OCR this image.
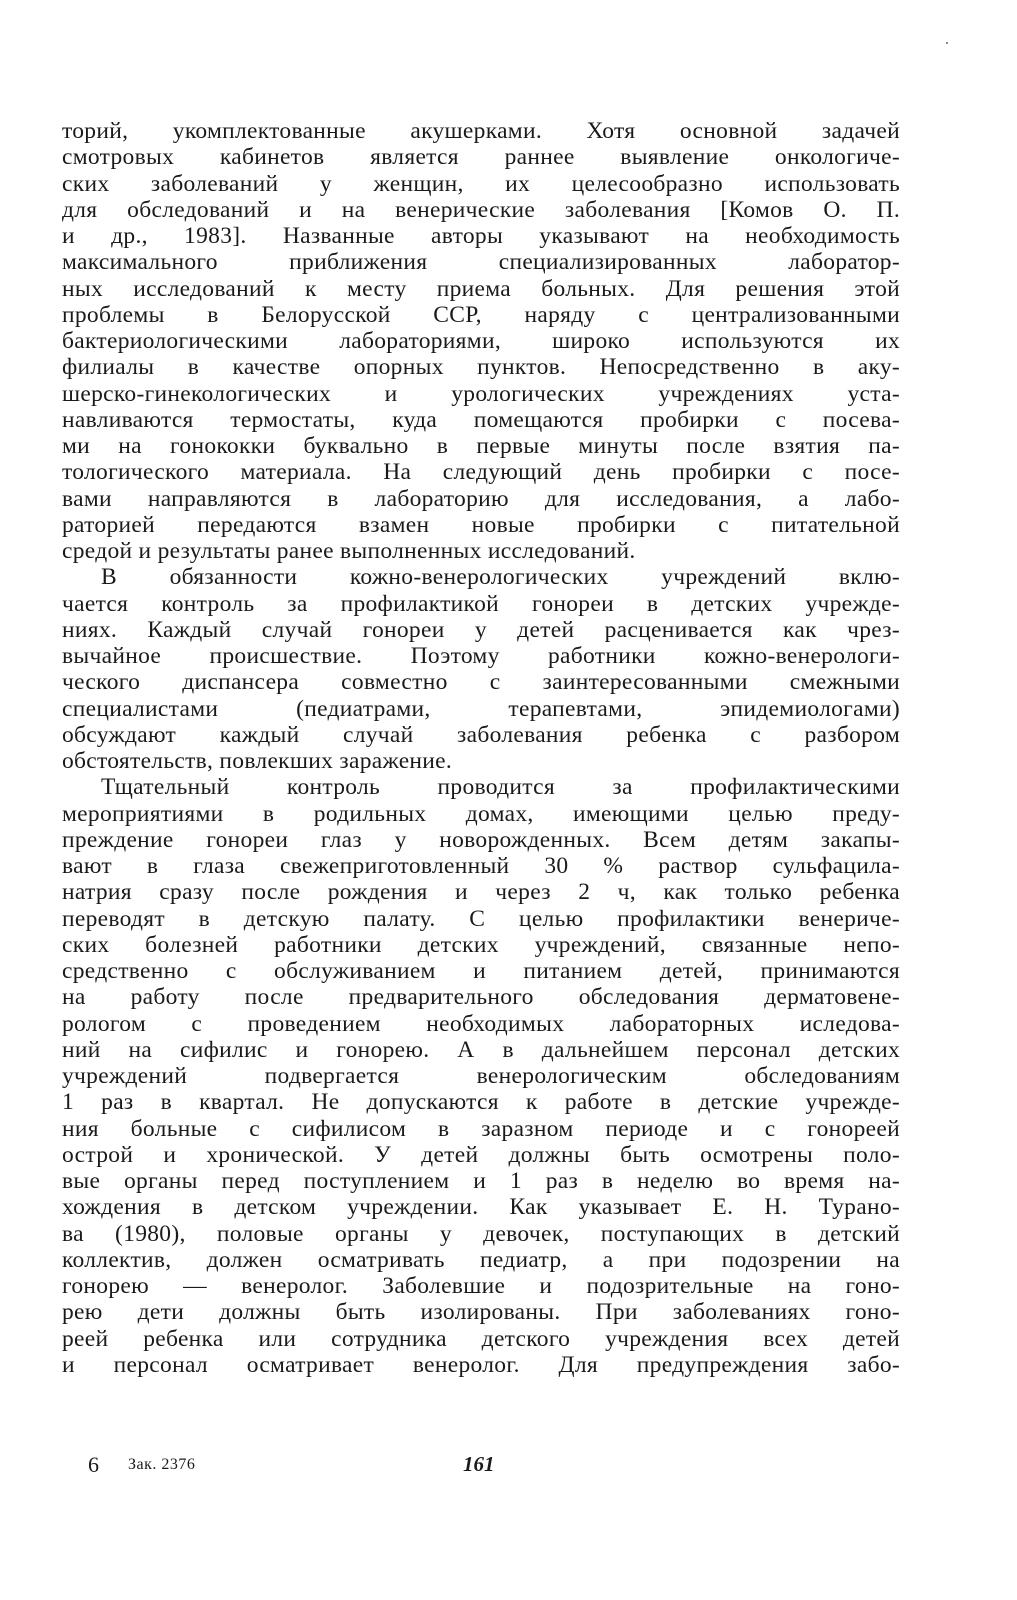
торий, укомплектованные акушерками. Хотя основной задачей
смотровых кабинетов является раннее выявление онкологиче-
ских заболеваний у женщин, их целесообразно использовать
для обследований и на венерические заболевания [Комов О. П.
и др., 1983]. Названные авторы указывают на необходимость
максимального приближения специализированных лаборатор-
ных исследований к месту приема больных. Для решения этой
проблемы в Белорусской ССР, наряду с централизованными
бактериологическими лабораториями, широко используются их
филиалы в качестве опорных пунктов. Непосредственно в аку-
шерско-гинекологических и урологических учреждениях уста-
навливаются термостаты, куда помещаются пробирки с посева-
ми на гонококки буквально в первые минуты после взятия па-
тологического материала. На следующий день пробирки с посе-
вами направляются в лабораторию для исследования, а лабо-
раторией передаются взамен новые пробирки с питательной
средой и результаты ранее выполненных исследований.
В обязанности кожно-венерологических учреждений вклю-
чается контроль за профилактикой гонореи в детских учрежде-
ниях. Каждый случай гонореи у детей расценивается как чрез-
вычайное происшествие. Поэтому работники кожно-венерологи-
ческого диспансера совместно с заинтересованными смежными
специалистами (педиатрами, терапевтами, эпидемиологами)
обсуждают каждый случай заболевания ребенка с разбором
обстоятельств, повлекших заражение.
Тщательный контроль проводится за профилактическими
мероприятиями в родильных домах, имеющими целью преду-
преждение гонореи глаз у новорожденных. Всем детям закапы-
вают в глаза свежеприготовленный 30 % раствор сульфацила-
натрия сразу после рождения и через 2 ч, как только ребенка
переводят в детскую палату. С целью профилактики венериче-
ских болезней работники детских учреждений, связанные непо-
средственно с обслуживанием и питанием детей, принимаются
на работу после предварительного обследования дерматовене-
рологом с проведением необходимых лабораторных иследова-
ний на сифилис и гонорею. А в дальнейшем персонал детских
учреждений подвергается венерологическим обследованиям
1 раз в квартал. Не допускаются к работе в детские учрежде-
ния больные с сифилисом в заразном периоде и с гонореей
острой и хронической. У детей должны быть осмотрены поло-
вые органы перед поступлением и 1 раз в неделю во время на-
хождения в детском учреждении. Как указывает Е. Н. Турано-
ва (1980), половые органы у девочек, поступающих в детский
коллектив, должен осматривать педиатр, а при подозрении на
гонорею — венеролог. Заболевшие и подозрительные на гоно-
рею дети должны быть изолированы. При заболеваниях гоно-
реей ребенка или сотрудника детского учреждения всех детей
и персонал осматривает венеролог. Для предупреждения забо-
6 Зак. 2376	161
